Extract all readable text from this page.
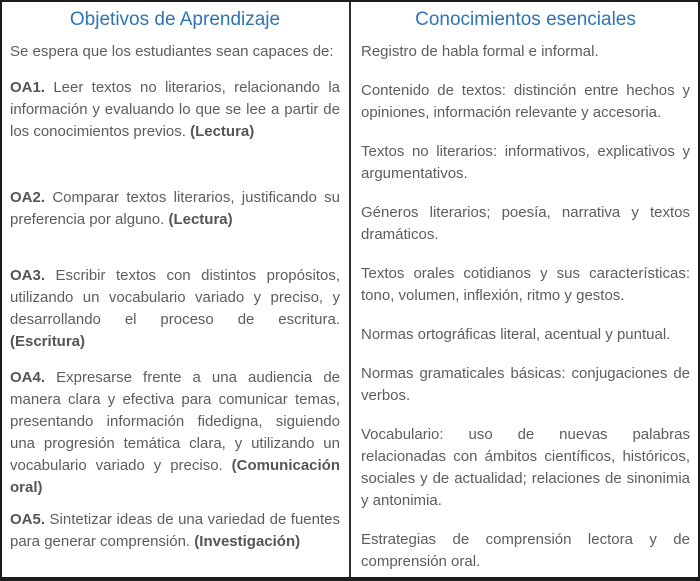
Objetivos de Aprendizaje

Se espera que los estudiantes sean capaces de:

OA1. Leer textos no literarios, relacionando la información y evaluando lo que se lee a partir de los conocimientos previos. (Lectura)

OA2. Comparar textos literarios, justificando su preferencia por alguno. (Lectura)

OA3. Escribir textos con distintos propósitos, utilizando un vocabulario variado y preciso, y desarrollando el proceso de escritura. (Escritura)

OA4. Expresarse frente a una audiencia de manera clara y efectiva para comunicar temas, presentando información fidedigna, siguiendo una progresión temática clara, y utilizando un vocabulario variado y preciso. (Comunicación oral)

OA5. Sintetizar ideas de una variedad de fuentes para generar comprensión. (Investigación)

Conocimientos esenciales

Registro de habla formal e informal.

Contenido de textos: distinción entre hechos y opiniones, información relevante y accesoria.

Textos no literarios: informativos, explicativos y argumentativos.

Géneros literarios; poesía, narrativa y textos dramáticos.

Textos orales cotidianos y sus características: tono, volumen, inflexión, ritmo y gestos.

Normas ortográficas literal, acentual y puntual.

Normas gramaticales básicas: conjugaciones de verbos.

Vocabulario: uso de nuevas palabras relacionadas con ámbitos científicos, históricos, sociales y de actualidad; relaciones de sinonimia y antonimia.

Estrategias de comprensión lectora y de comprensión oral.
